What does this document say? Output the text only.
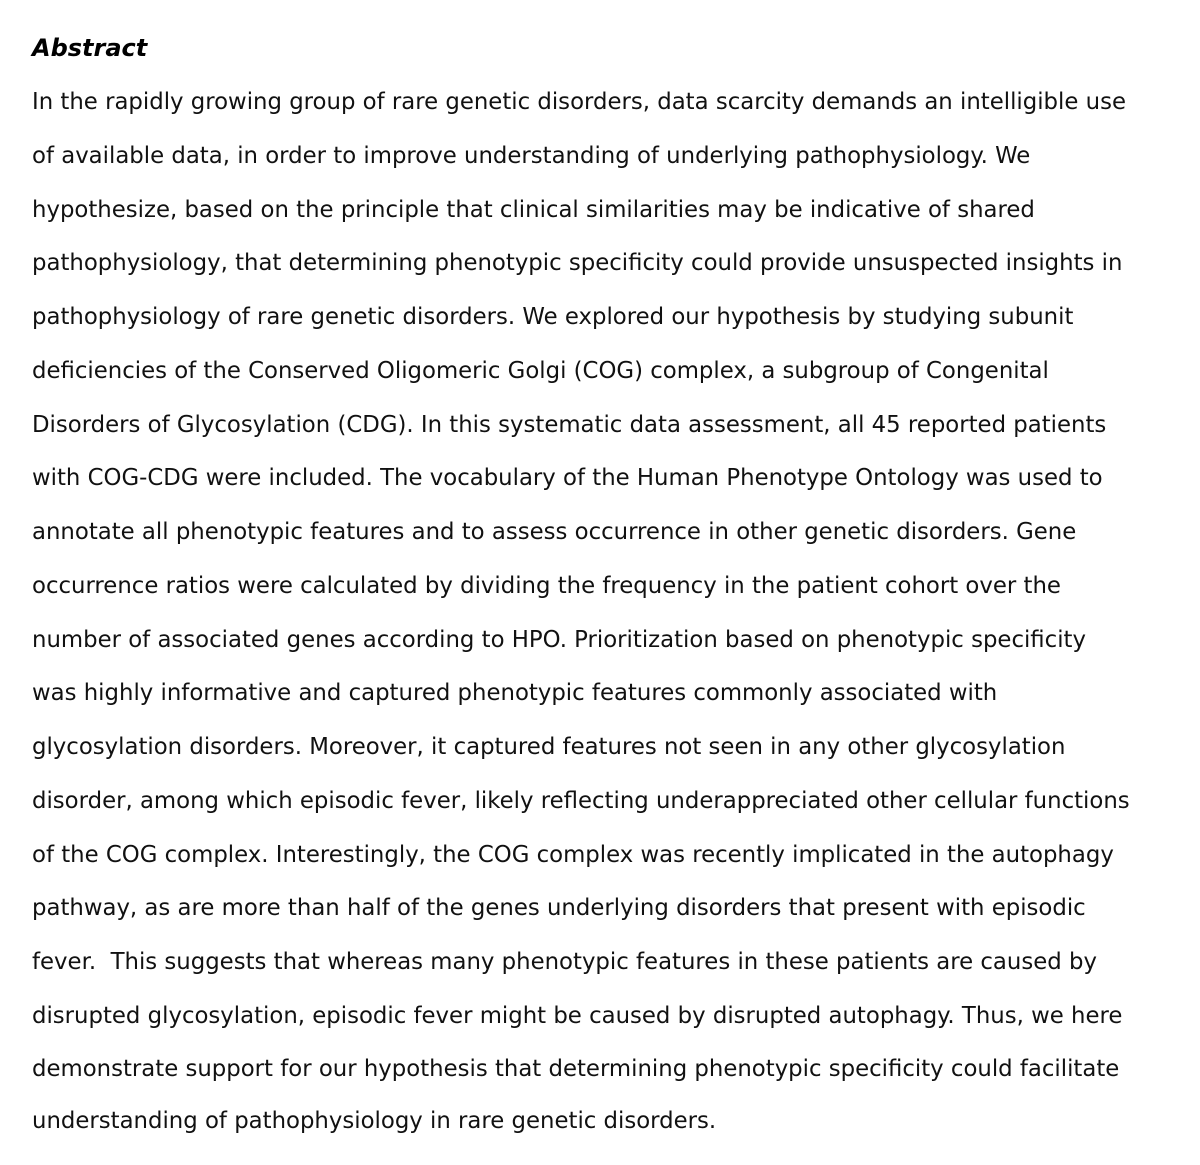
Abstract

In the rapidly growing group of rare genetic disorders, data scarcity demands an intelligible use

of available data, in order to improve understanding of underlying pathophysiology. We

hypothesize, based on the principle that clinical similarities may be indicative of shared

pathophysiology, that determining phenotypic specificity could provide unsuspected insights in

pathophysiology of rare genetic disorders. We explored our hypothesis by studying subunit

deficiencies of the Conserved Oligomeric Golgi (COG) complex, a subgroup of Congenital

Disorders of Glycosylation (CDG). In this systematic data assessment, all 45 reported patients

with COG-CDG were included. The vocabulary of the Human Phenotype Ontology was used to

annotate all phenotypic features and to assess occurrence in other genetic disorders. Gene

occurrence ratios were calculated by dividing the frequency in the patient cohort over the

number of associated genes according to HPO. Prioritization based on phenotypic specificity

was highly informative and captured phenotypic features commonly associated with

glycosylation disorders. Moreover, it captured features not seen in any other glycosylation

disorder, among which episodic fever, likely reflecting underappreciated other cellular functions

of the COG complex. Interestingly, the COG complex was recently implicated in the autophagy

pathway, as are more than half of the genes underlying disorders that present with episodic

fever.  This suggests that whereas many phenotypic features in these patients are caused by

disrupted glycosylation, episodic fever might be caused by disrupted autophagy. Thus, we here

demonstrate support for our hypothesis that determining phenotypic specificity could facilitate

understanding of pathophysiology in rare genetic disorders.
